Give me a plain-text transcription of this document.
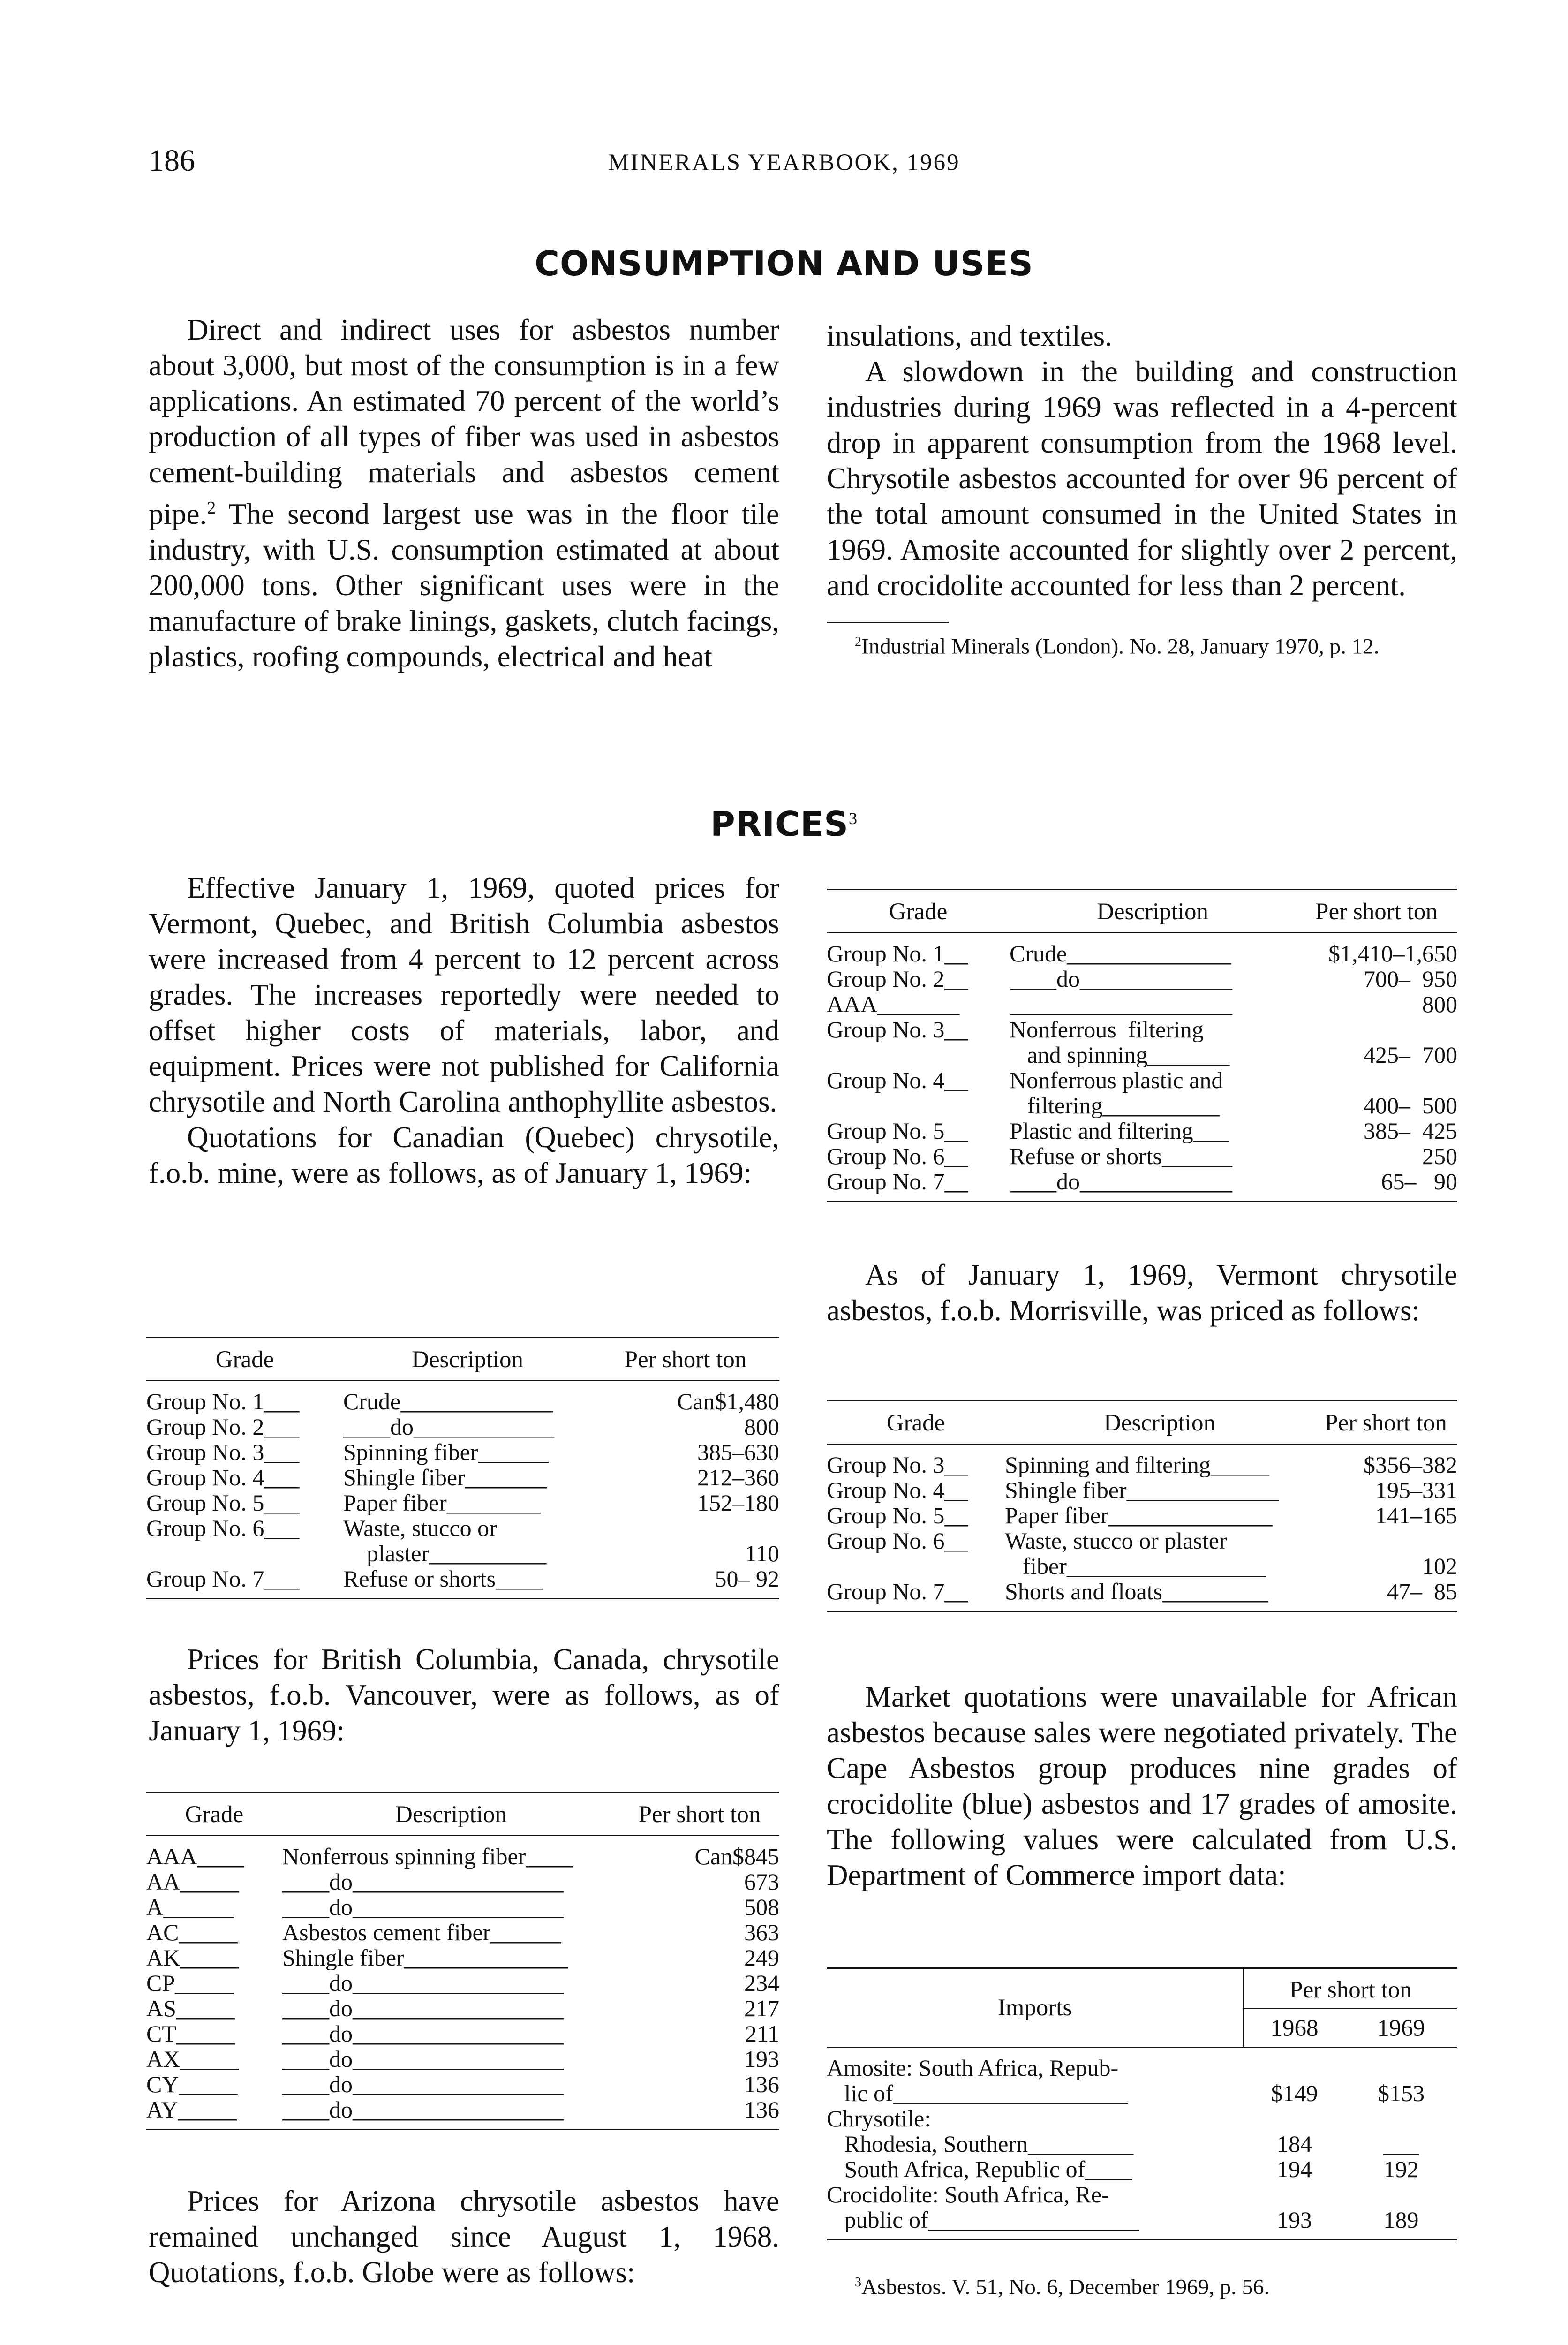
186	MINERALS YEARBOOK, 1969
CONSUMPTION AND USES

Direct and indirect uses for asbestos number about 3,000, but most of the consumption is in a few applications. An estimated 70 percent of the world’s production of all types of fiber was used in asbestos cement-building materials and asbestos cement pipe.$^2$ The second largest use was in the floor tile industry, with U.S. consumption estimated at about 200,000 tons. Other significant uses were in the manufacture of brake linings, gaskets, clutch facings, plastics, roofing compounds, electrical and heat

insulations, and textiles.

A slowdown in the building and construction industries during 1969 was reflected in a 4-percent drop in apparent consumption from the 1968 level. Chrysotile asbestos accounted for over 96 percent of the total amount consumed in the United States in 1969. Amosite accounted for slightly over 2 percent, and crocidolite accounted for less than 2 percent.

$^2$Industrial Minerals (London). No. 28, January 1970, p. 12.

PRICES$^3$

Effective January 1, 1969, quoted prices for Vermont, Quebec, and British Columbia asbestos were increased from 4 percent to 12 percent across grades. The increases reportedly were needed to offset higher costs of materials, labor, and equipment. Prices were not published for California chrysotile and North Carolina anthophyllite asbestos.

Quotations for Canadian (Quebec) chrysotile, f.o.b. mine, were as follows, as of January 1, 1969:

Grade	Description	Per short ton
Group No. 1___	Crude_____________	Can$1,480
Group No. 2___	____do____________	800
Group No. 3___	Spinning fiber______	385–630
Group No. 4___	Shingle fiber_______	212–360
Group No. 5___	Paper fiber________	152–180
Group No. 6___	Waste, stucco or
plaster__________	110
Group No. 7___	Refuse or shorts____	50– 92

Prices for British Columbia, Canada, chrysotile asbestos, f.o.b. Vancouver, were as follows, as of January 1, 1969:

Grade	Description	Per short ton
AAA____	Nonferrous spinning fiber____	Can$845
AA_____	____do__________________	673
A______	____do__________________	508
AC_____	Asbestos cement fiber______	363
AK_____	Shingle fiber______________	249
CP_____	____do__________________	234
AS_____	____do__________________	217
CT_____	____do__________________	211
AX_____	____do__________________	193
CY_____	____do__________________	136
AY_____	____do__________________	136

Prices for Arizona chrysotile asbestos have remained unchanged since August 1, 1968. Quotations, f.o.b. Globe were as follows:

Grade	Description	Per short ton
Group No. 1__	Crude______________	$1,410–1,650
Group No. 2__	____do_____________	700–  950
AAA_______	___________________	800
Group No. 3__	Nonferrous  filtering
and spinning_______	425–  700
Group No. 4__	Nonferrous plastic and
filtering__________	400–  500
Group No. 5__	Plastic and filtering___	385–  425
Group No. 6__	Refuse or shorts______	250
Group No. 7__	____do_____________	65–   90

As of January 1, 1969, Vermont chrysotile asbestos, f.o.b. Morrisville, was priced as follows:

Grade	Description	Per short ton
Group No. 3__	Spinning and filtering_____	$356–382
Group No. 4__	Shingle fiber_____________	195–331
Group No. 5__	Paper fiber______________	141–165
Group No. 6__	Waste, stucco or plaster
fiber_________________	102
Group No. 7__	Shorts and floats_________	47–  85

Market quotations were unavailable for African asbestos because sales were negotiated privately. The Cape Asbestos group produces nine grades of crocidolite (blue) asbestos and 17 grades of amosite. The following values were calculated from U.S. Department of Commerce import data:

Imports
Per short ton
1968	1969
Amosite: South Africa, Repub-
lic of____________________	$149	$153
Chrysotile:
Rhodesia, Southern_________	184	___
South Africa, Republic of____	194	192
Crocidolite: South Africa, Re-
public of__________________	193	189
$^3$Asbestos. V. 51, No. 6, December 1969, p. 56.
